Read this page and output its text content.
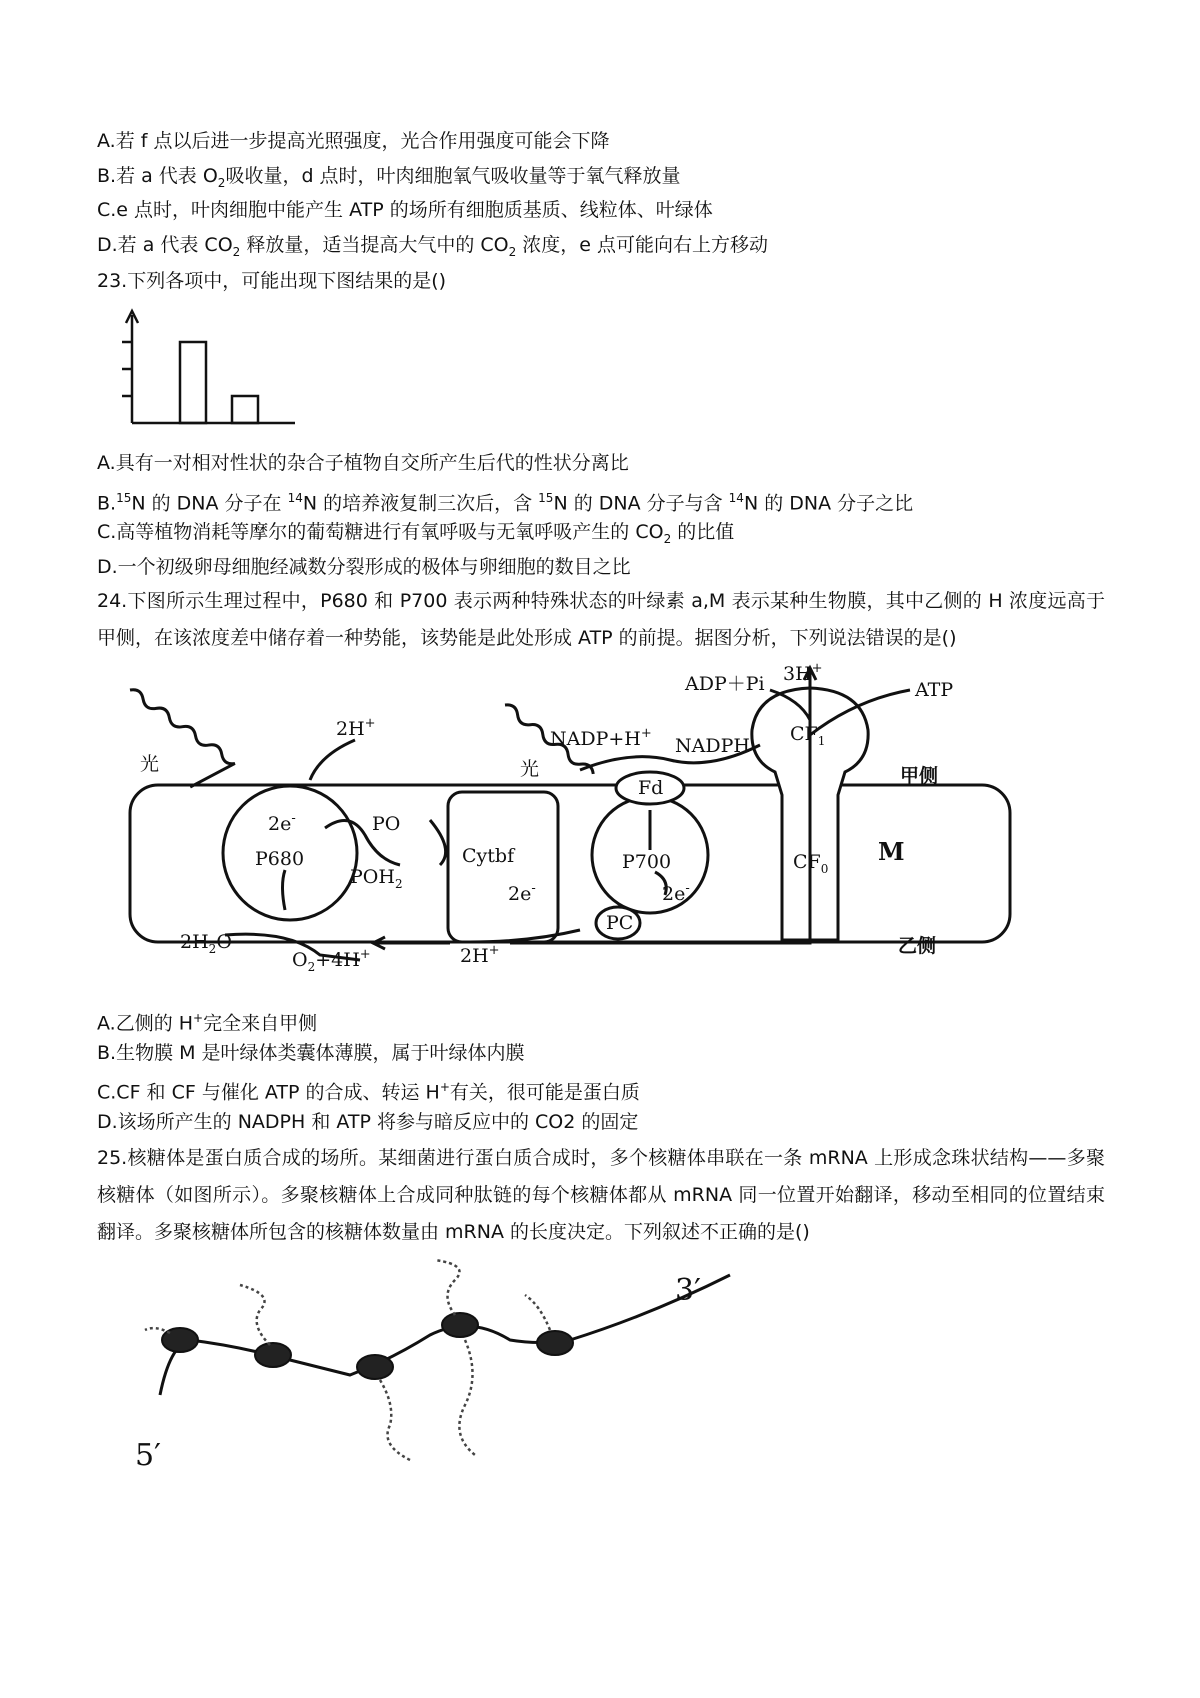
A.若 f 点以后进一步提高光照强度，光合作用强度可能会下降
B.若 a 代表 $O_2$吸收量，d 点时，叶肉细胞氧气吸收量等于氧气释放量
C.e 点时，叶肉细胞中能产生 ATP 的场所有细胞质基质、线粒体、叶绿体
D.若 a 代表 $CO_2$ 释放量，适当提高大气中的 $CO_2$ 浓度，e 点可能向右上方移动
23.下列各项中，可能出现下图结果的是()
A.具有一对相对性状的杂合子植物自交所产生后代的性状分离比
B.$^{15}$N 的 DNA 分子在 $^{14}$N 的培养液复制三次后，含 $^{15}$N 的 DNA 分子与含 $^{14}$N 的 DNA 分子之比
C.高等植物消耗等摩尔的葡萄糖进行有氧呼吸与无氧呼吸产生的 $CO_2$ 的比值
D.一个初级卵母细胞经减数分裂形成的极体与卵细胞的数目之比
24.下图所示生理过程中，P680 和 P700 表示两种特殊状态的叶绿素 a,M 表示某种生物膜，其中乙侧的 H 浓度远高于甲侧，在该浓度差中储存着一种势能，该势能是此处形成 ATP 的前提。据图分析，下列说法错误的是()
光	光
2H+
2e-
P680
PO
$POH_2$
Cytbf
2e-
$2H_2O$
$O_2+4H^+$	2H+
NADP+H+
NADPH
Fd
P700
PC
2e-
ADP＋Pi 3H+
ATP
$CF_1$
$CF_0$
M
甲侧
乙侧
A.乙侧的 H+完全来自甲侧
B.生物膜 M 是叶绿体类囊体薄膜，属于叶绿体内膜
C.CF 和 CF 与催化 ATP 的合成、转运 H+有关，很可能是蛋白质
D.该场所产生的 NADPH 和 ATP 将参与暗反应中的 CO2 的固定
25.核糖体是蛋白质合成的场所。某细菌进行蛋白质合成时，多个核糖体串联在一条 mRNA 上形成念珠状结构——多聚核糖体（如图所示）。多聚核糖体上合成同种肽链的每个核糖体都从 mRNA 同一位置开始翻译，移动至相同的位置结束翻译。多聚核糖体所包含的核糖体数量由 mRNA 的长度决定。下列叙述不正确的是()
3′
5′
